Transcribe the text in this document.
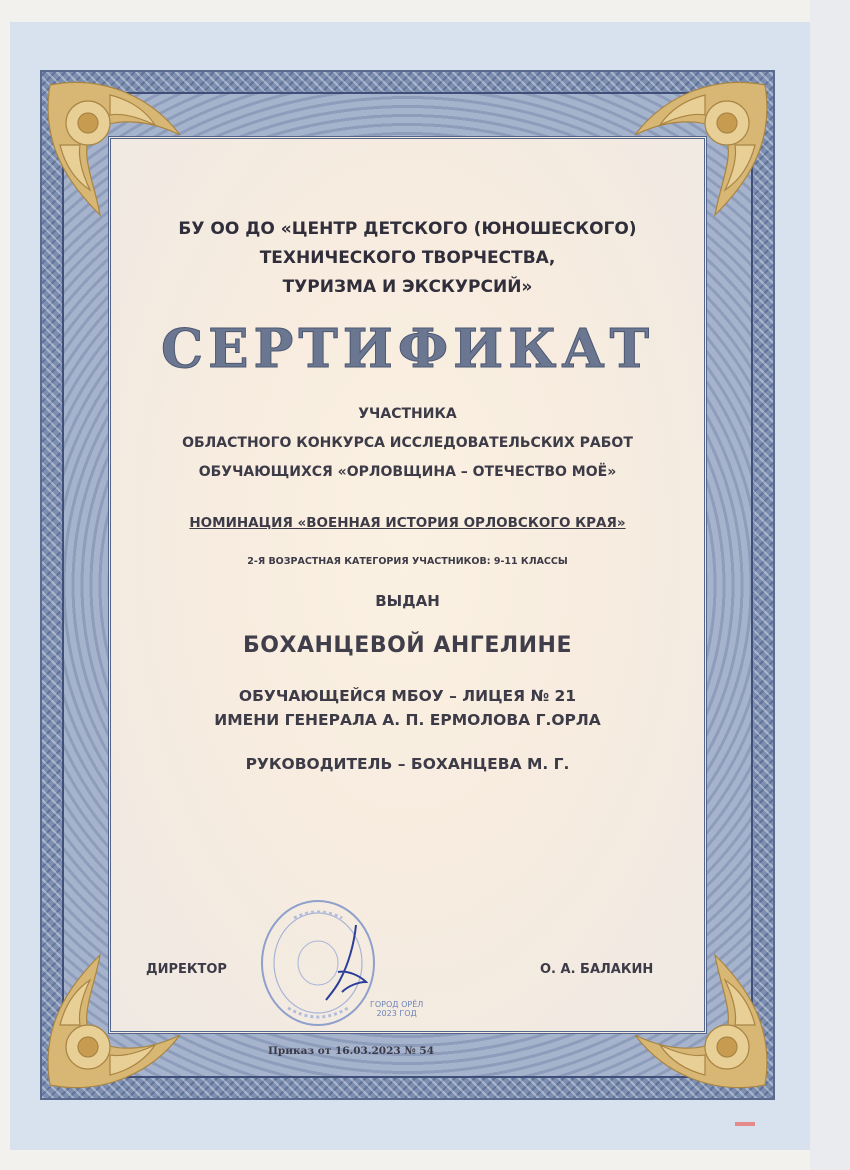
БУ ОО ДО «ЦЕНТР ДЕТСКОГО (ЮНОШЕСКОГО)
ТЕХНИЧЕСКОГО ТВОРЧЕСТВА,
ТУРИЗМА И ЭКСКУРСИЙ»
СЕРТИФИКАТ
УЧАСТНИКА
ОБЛАСТНОГО КОНКУРСА ИССЛЕДОВАТЕЛЬСКИХ РАБОТ
ОБУЧАЮЩИХСЯ «ОРЛОВЩИНА – ОТЕЧЕСТВО МОЁ»
НОМИНАЦИЯ «ВОЕННАЯ ИСТОРИЯ ОРЛОВСКОГО КРАЯ»
2-Я ВОЗРАСТНАЯ КАТЕГОРИЯ УЧАСТНИКОВ: 9-11 КЛАССЫ
ВЫДАН
БОХАНЦЕВОЙ АНГЕЛИНЕ
ОБУЧАЮЩЕЙСЯ МБОУ – ЛИЦЕЯ № 21
ИМЕНИ ГЕНЕРАЛА А. П. ЕРМОЛОВА Г.ОРЛА
РУКОВОДИТЕЛЬ – БОХАНЦЕВА М. Г.
ДИРЕКТОР	О. А. БАЛАКИН
ГОРОД ОРЁЛ
2023 ГОД
Приказ от 16.03.2023 № 54
